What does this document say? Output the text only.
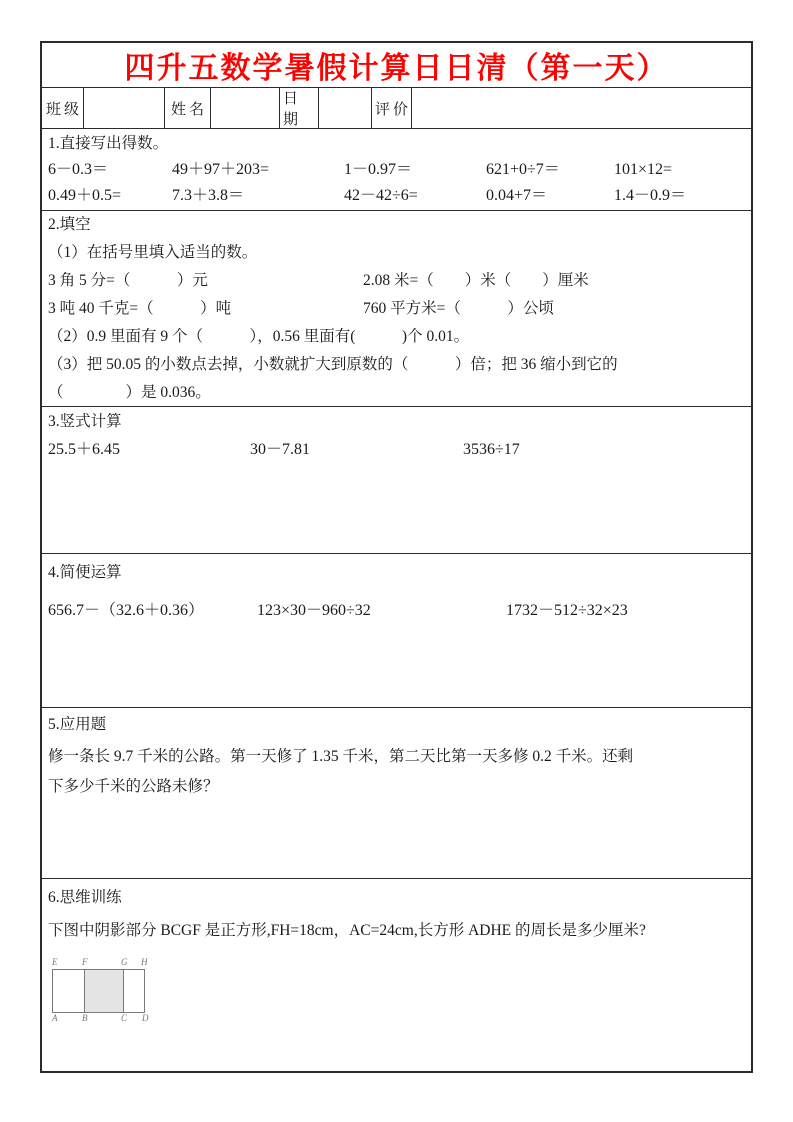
四升五数学暑假计算日日清（第一天）
班级	姓名
日期
评价
1.直接写出得数。
6－0.3＝	49＋97＋203=	1－0.97＝	621+0÷7＝	101×12=
0.49＋0.5=	7.3＋3.8＝	42－42÷6=	0.04+7＝	1.4－0.9＝
2.填空
（1）在括号里填入适当的数。
3 角 5 分=（　　　）元	2.08 米=（　　）米（　　）厘米
3 吨 40 千克=（　　　）吨	760 平方米=（　　　）公顷
（2）0.9 里面有 9 个（　　　），0.56 里面有(　　　)个 0.01。
（3）把 50.05 的小数点去掉，小数就扩大到原数的（　　　）倍；把 36 缩小到它的
（　　　　）是 0.036。
3.竖式计算
25.5＋6.45	30－7.81	3536÷17
4.简便运算
656.7－（32.6＋0.36）	123×30－960÷32	1732－512÷32×23
5.应用题
修一条长 9.7 千米的公路。第一天修了 1.35 千米，第二天比第一天多修 0.2 千米。还剩
下多少千米的公路未修？
6.思维训练
下图中阴影部分 BCGF 是正方形,FH=18cm，AC=24cm,长方形 ADHE 的周长是多少厘米?
E	F	G H
A	B	C D
